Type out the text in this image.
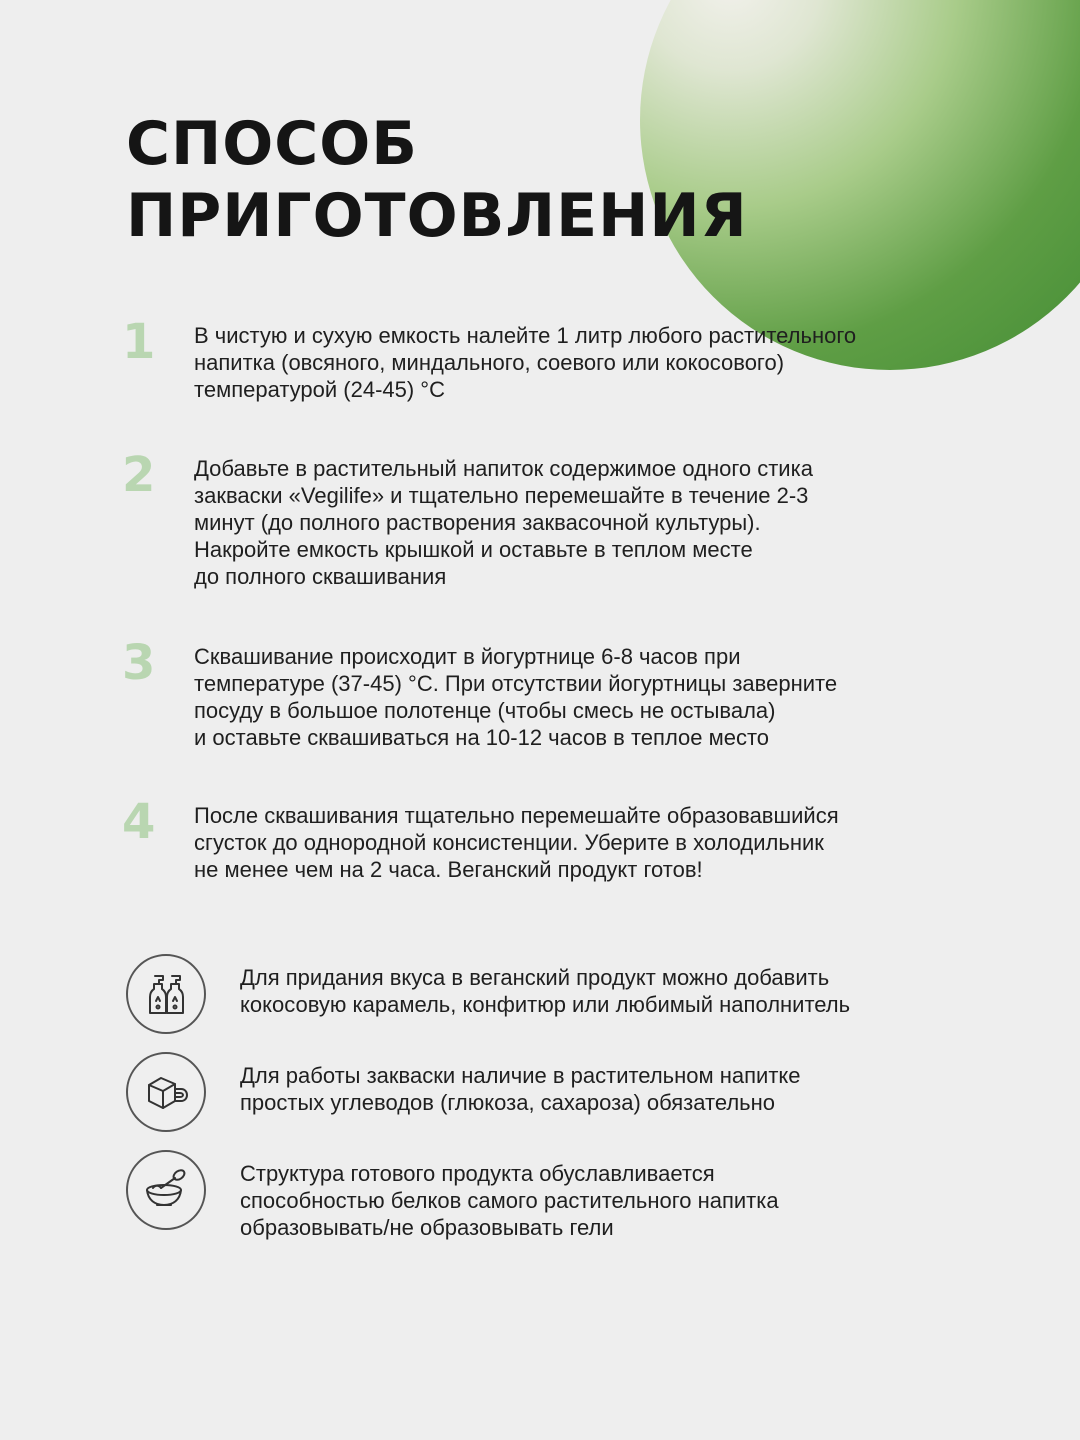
СПОСОБ
ПРИГОТОВЛЕНИЯ
1	В чистую и сухую емкость налейте 1 литр любого растительного
напитка (овсяного, миндального, соевого или кокосового)
температурой (24-45) °С

2	Добавьте в растительный напиток содержимое одного стика
закваски «Vegilife» и тщательно перемешайте в течение 2-3
минут (до полного растворения заквасочной культуры).
Накройте емкость крышкой и оставьте в теплом месте
до полного сквашивания

3	Сквашивание происходит в йогуртнице 6-8 часов при
температуре (37-45) °С. При отсутствии йогуртницы заверните
посуду в большое полотенце (чтобы смесь не остывала)
и оставьте сквашиваться на 10-12 часов в теплое место

4	После сквашивания тщательно перемешайте образовавшийся
сгусток до однородной консистенции. Уберите в холодильник
не менее чем на 2 часа. Веганский продукт готов!

Для придания вкуса в веганский продукт можно добавить
кокосовую карамель, конфитюр или любимый наполнитель

Для работы закваски наличие в растительном напитке
простых углеводов (глюкоза, сахароза) обязательно

Структура готового продукта обуславливается
способностью белков самого растительного напитка
образовывать/не образовывать гели
